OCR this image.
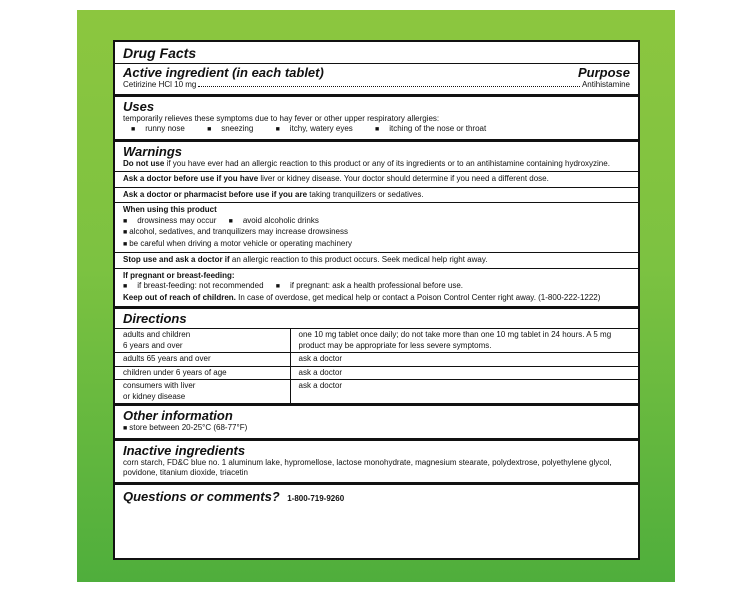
Drug Facts
Active ingredient (in each tablet)	Purpose
Cetirizine HCl 10 mg	Antihistamine
Uses
temporarily relieves these symptoms due to hay fever or other upper respiratory allergies:
■ runny nose	■ sneezing	■ itchy, watery eyes	■ itching of the nose or throat
Warnings
Do not use if you have ever had an allergic reaction to this product or any of its ingredients or to an antihistamine containing hydroxyzine.
Ask a doctor before use if you have liver or kidney disease. Your doctor should determine if you need a different dose.
Ask a doctor or pharmacist before use if you are taking tranquilizers or sedatives.
When using this product
■ drowsiness may occur ■ avoid alcoholic drinks
■ alcohol, sedatives, and tranquilizers may increase drowsiness
■ be careful when driving a motor vehicle or operating machinery
Stop use and ask a doctor if an allergic reaction to this product occurs. Seek medical help right away.
If pregnant or breast-feeding:
■ if breast-feeding: not recommended ■ if pregnant: ask a health professional before use.
Keep out of reach of children. In case of overdose, get medical help or contact a Poison Control Center right away. (1-800-222-1222)
Directions
adults and children
6 years and over	one 10 mg tablet once daily; do not take more than one 10 mg tablet in 24 hours. A 5 mg product may be appropriate for less severe symptoms.
adults 65 years and over	ask a doctor
children under 6 years of age	ask a doctor
consumers with liver
or kidney disease	ask a doctor
Other information
■ store between 20-25°C (68-77°F)
Inactive ingredients
corn starch, FD&C blue no. 1 aluminum lake, hypromellose, lactose monohydrate, magnesium stearate, polydextrose, polyethylene glycol, povidone, titanium dioxide, triacetin
Questions or comments? 1-800-719-9260
